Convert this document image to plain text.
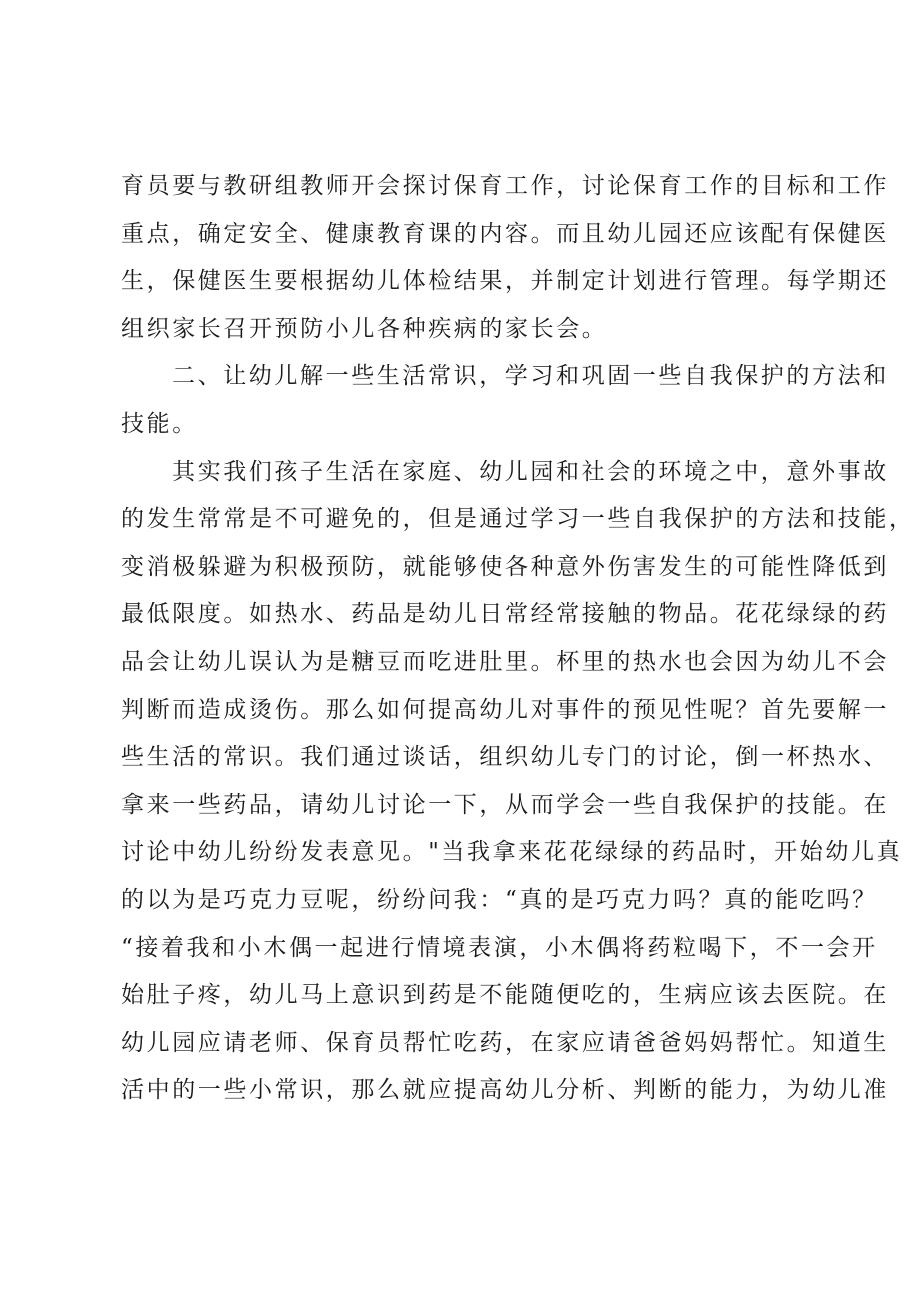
育员要与教研组教师开会探讨保育工作，讨论保育工作的目标和工作
重点，确定安全、健康教育课的内容。而且幼儿园还应该配有保健医
生，保健医生要根据幼儿体检结果，并制定计划进行管理。每学期还
组织家长召开预防小儿各种疾病的家长会。
二、让幼儿解一些生活常识，学习和巩固一些自我保护的方法和
技能。
其实我们孩子生活在家庭、幼儿园和社会的环境之中，意外事故
的发生常常是不可避免的，但是通过学习一些自我保护的方法和技能，
变消极躲避为积极预防，就能够使各种意外伤害发生的可能性降低到
最低限度。如热水、药品是幼儿日常经常接触的物品。花花绿绿的药
品会让幼儿误认为是糖豆而吃进肚里。杯里的热水也会因为幼儿不会
判断而造成烫伤。那么如何提高幼儿对事件的预见性呢？首先要解一
些生活的常识。我们通过谈话，组织幼儿专门的讨论，倒一杯热水、
拿来一些药品，请幼儿讨论一下，从而学会一些自我保护的技能。在
讨论中幼儿纷纷发表意见。"当我拿来花花绿绿的药品时，开始幼儿真
的以为是巧克力豆呢，纷纷问我：“真的是巧克力吗？真的能吃吗？
“接着我和小木偶一起进行情境表演，小木偶将药粒喝下，不一会开
始肚子疼，幼儿马上意识到药是不能随便吃的，生病应该去医院。在
幼儿园应请老师、保育员帮忙吃药，在家应请爸爸妈妈帮忙。知道生
活中的一些小常识，那么就应提高幼儿分析、判断的能力，为幼儿准
